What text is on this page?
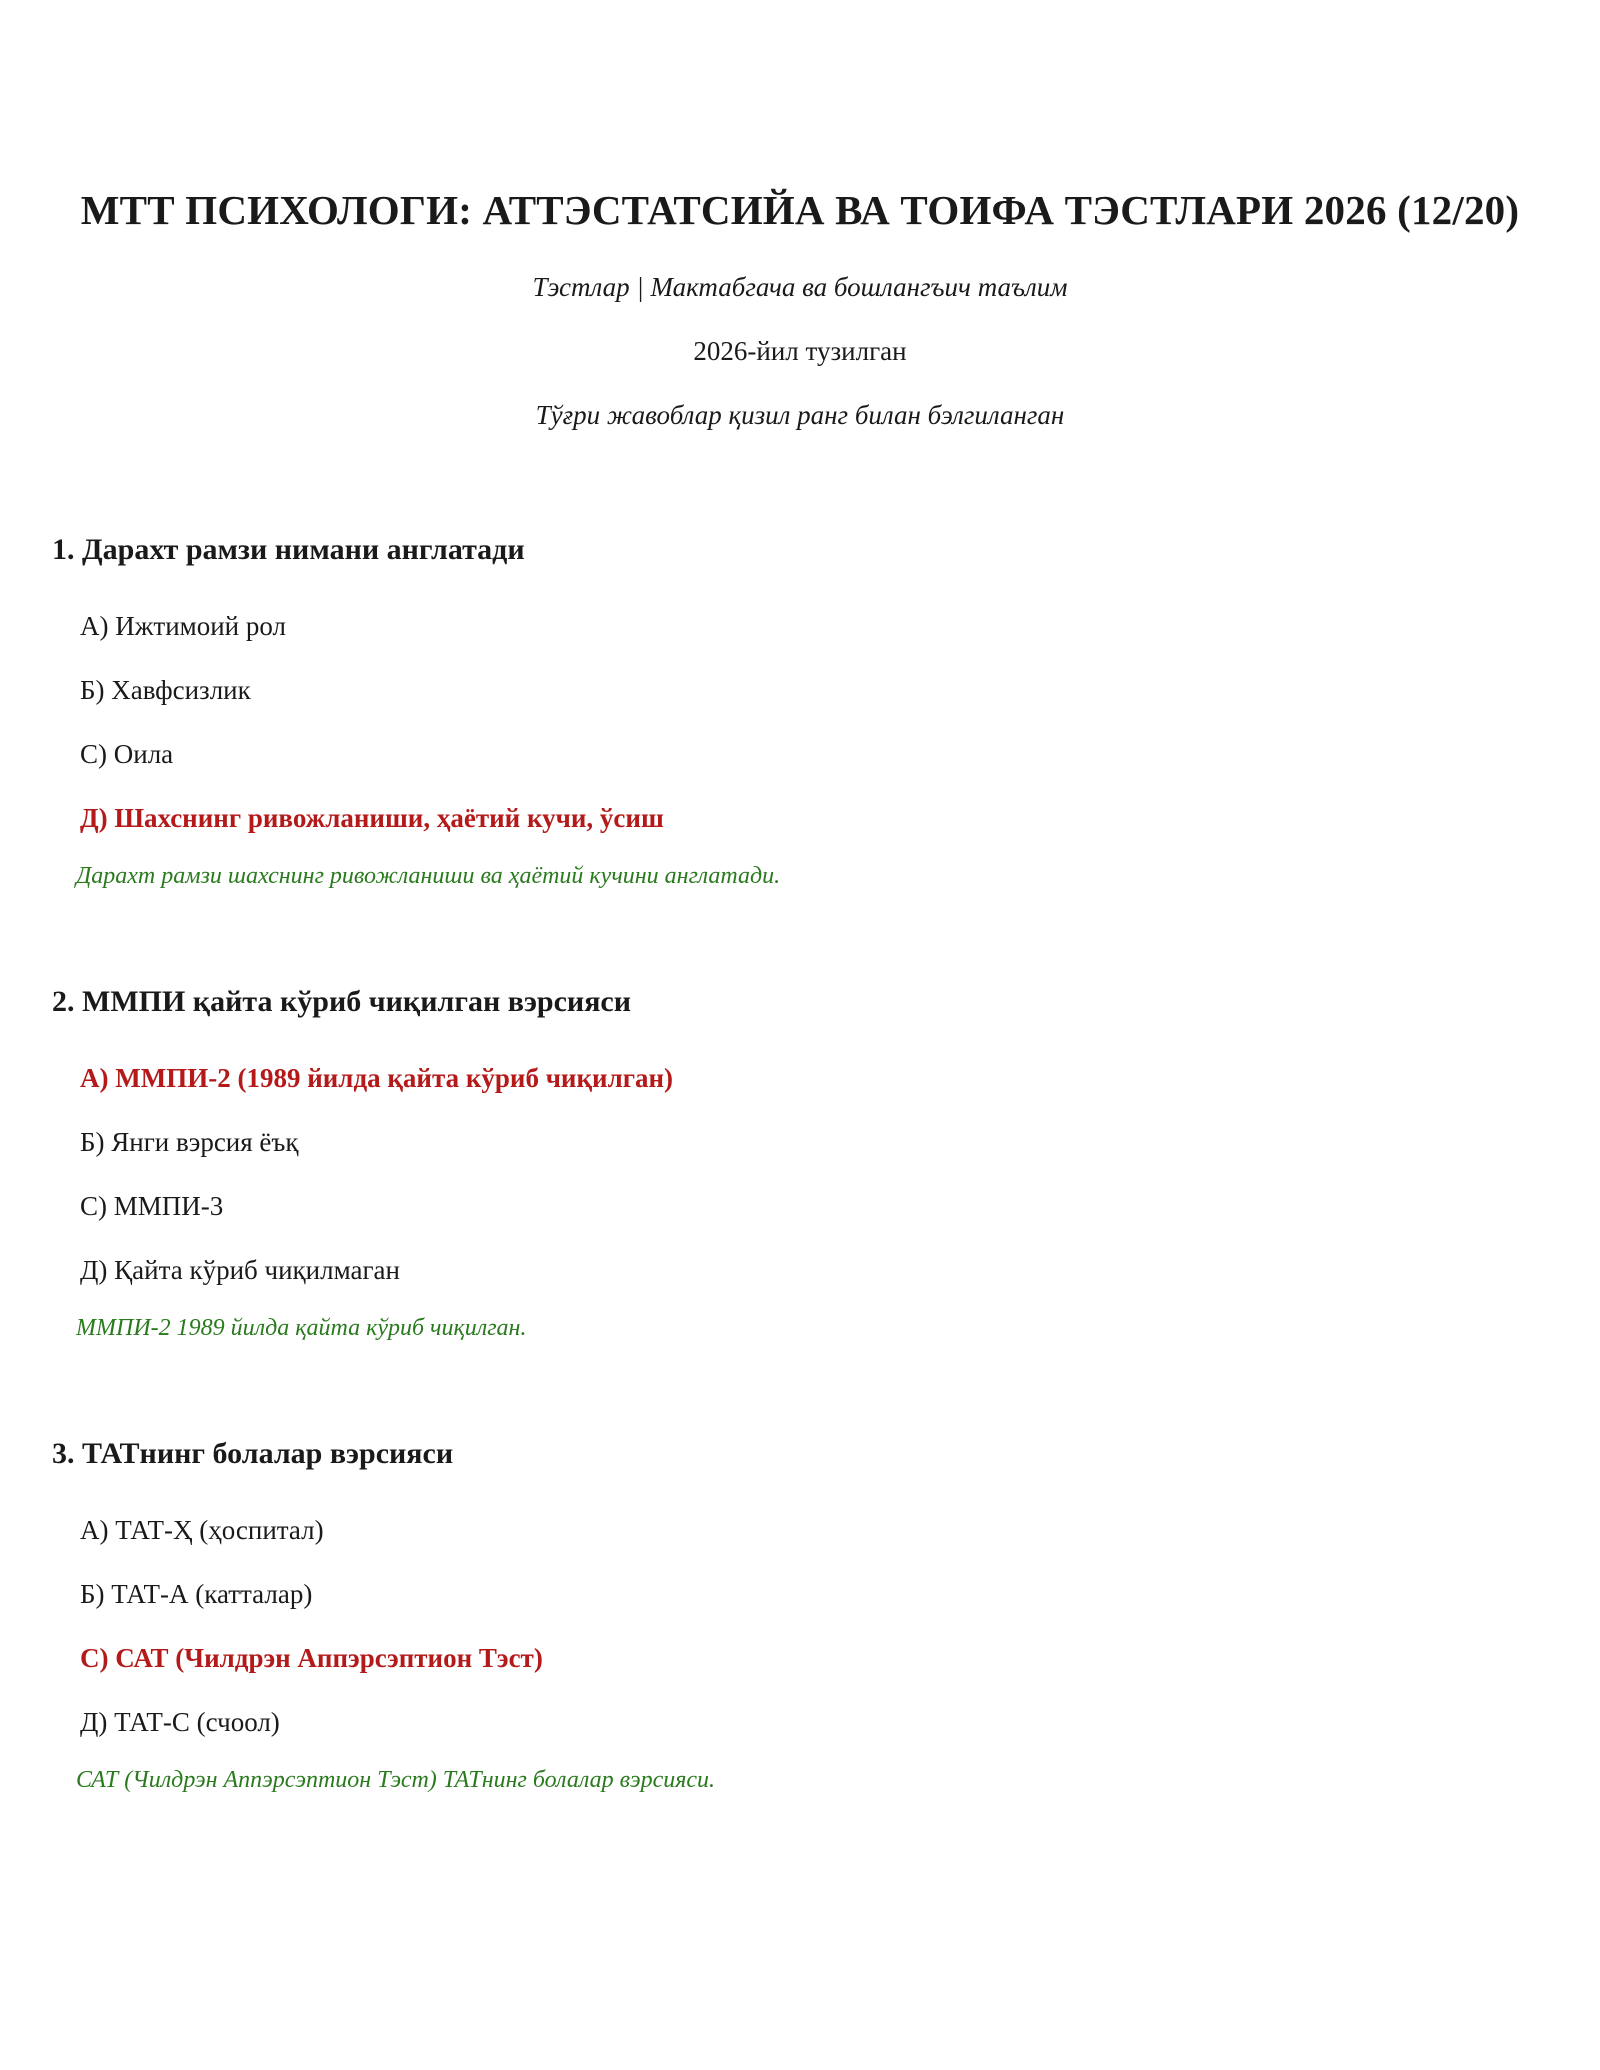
МТТ ПСИХОЛОГИ: АТТЭСТАТСИЙА ВА ТОИФА ТЭСТЛАРИ 2026 (12/20)

Тэстлар | Мактабгача ва бошлангъич таълим

2026-йил тузилган

Тўғри жавоблар қизил ранг билан бэлгиланган

1. Дарахт рамзи нимани англатади
А) Ижтимоий рол
Б) Хавфсизлик
С) Оила
Д) Шахснинг ривожланиши, ҳаётий кучи, ўсиш

Дарахт рамзи шахснинг ривожланиши ва ҳаётий кучини англатади.

2. ММПИ қайта кўриб чиқилган вэрсияси
А) ММПИ-2 (1989 йилда қайта кўриб чиқилган)
Б) Янги вэрсия ёъқ
С) ММПИ-3
Д) Қайта кўриб чиқилмаган

ММПИ-2 1989 йилда қайта кўриб чиқилган.

3. ТАТнинг болалар вэрсияси
А) ТАТ-Ҳ (ҳоспитал)
Б) ТАТ-А (катталар)
С) САТ (Чилдрэн Аппэрсэптион Тэст)
Д) ТАТ-С (счоол)

САТ (Чилдрэн Аппэрсэптион Тэст) ТАТнинг болалар вэрсияси.
